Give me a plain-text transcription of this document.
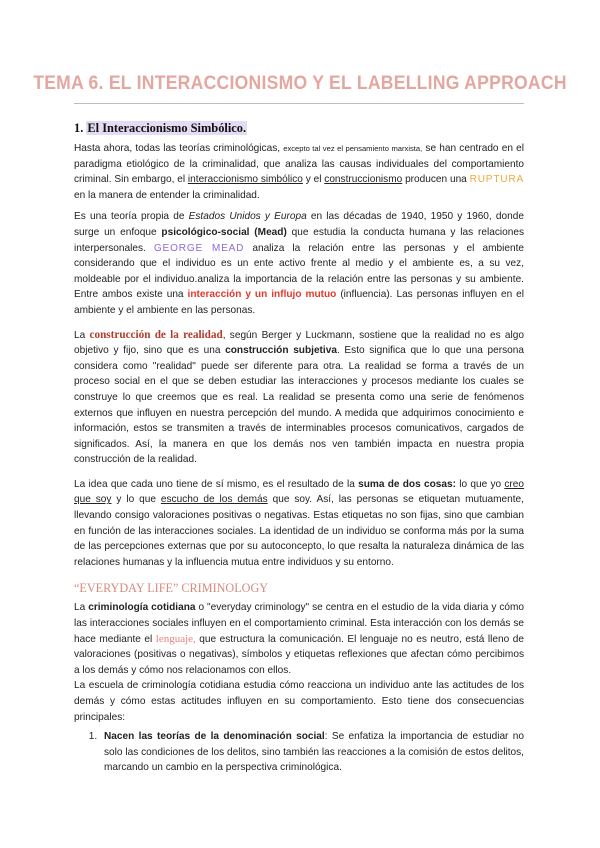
TEMA 6. EL INTERACCIONISMO Y EL LABELLING APPROACH
1. El Interaccionismo Simbólico.

Hasta ahora, todas las teorías criminológicas, excepto tal vez el pensamiento marxista, se han centrado en el paradigma etiológico de la criminalidad, que analiza las causas individuales del comportamiento criminal. Sin embargo, el interaccionismo simbólico y el construccionismo producen una RUPTURA en la manera de entender la criminalidad.

Es una teoría propia de Estados Unidos y Europa en las décadas de 1940, 1950 y 1960, donde surge un enfoque psicológico-social (Mead) que estudia la conducta humana y las relaciones interpersonales. GEORGE MEAD analiza la relación entre las personas y el ambiente considerando que el individuo es un ente activo frente al medio y el ambiente es, a su vez, moldeable por el individuo.analiza la importancia de la relación entre las personas y su ambiente. Entre ambos existe una interacción y un influjo mutuo (influencia). Las personas influyen en el ambiente y el ambiente en las personas.

La construcción de la realidad, según Berger y Luckmann, sostiene que la realidad no es algo objetivo y fijo, sino que es una construcción subjetiva. Esto significa que lo que una persona considera como "realidad" puede ser diferente para otra. La realidad se forma a través de un proceso social en el que se deben estudiar las interacciones y procesos mediante los cuales se construye lo que creemos que es real. La realidad se presenta como una serie de fenómenos externos que influyen en nuestra percepción del mundo. A medida que adquirimos conocimiento e información, estos se transmiten a través de interminables procesos comunicativos, cargados de significados. Así, la manera en que los demás nos ven también impacta en nuestra propia construcción de la realidad.

La idea que cada uno tiene de sí mismo, es el resultado de la suma de dos cosas: lo que yo creo que soy y lo que escucho de los demás que soy. Así, las personas se etiquetan mutuamente, llevando consigo valoraciones positivas o negativas. Estas etiquetas no son fijas, sino que cambian en función de las interacciones sociales. La identidad de un individuo se conforma más por la suma de las percepciones externas que por su autoconcepto, lo que resalta la naturaleza dinámica de las relaciones humanas y la influencia mutua entre individuos y su entorno.

“EVERYDAY LIFE” CRIMINOLOGY

La criminología cotidiana o "everyday criminology" se centra en el estudio de la vida diaria y cómo las interacciones sociales influyen en el comportamiento criminal. Esta interacción con los demás se hace mediante el lenguaje, que estructura la comunicación. El lenguaje no es neutro, está lleno de valoraciones (positivas o negativas), símbolos y etiquetas reflexiones que afectan cómo percibimos a los demás y cómo nos relacionamos con ellos.

La escuela de criminología cotidiana estudia cómo reacciona un individuo ante las actitudes de los demás y cómo estas actitudes influyen en su comportamiento. Esto tiene dos consecuencias principales:

1. Nacen las teorías de la denominación social: Se enfatiza la importancia de estudiar no solo las condiciones de los delitos, sino también las reacciones a la comisión de estos delitos, marcando un cambio en la perspectiva criminológica.
